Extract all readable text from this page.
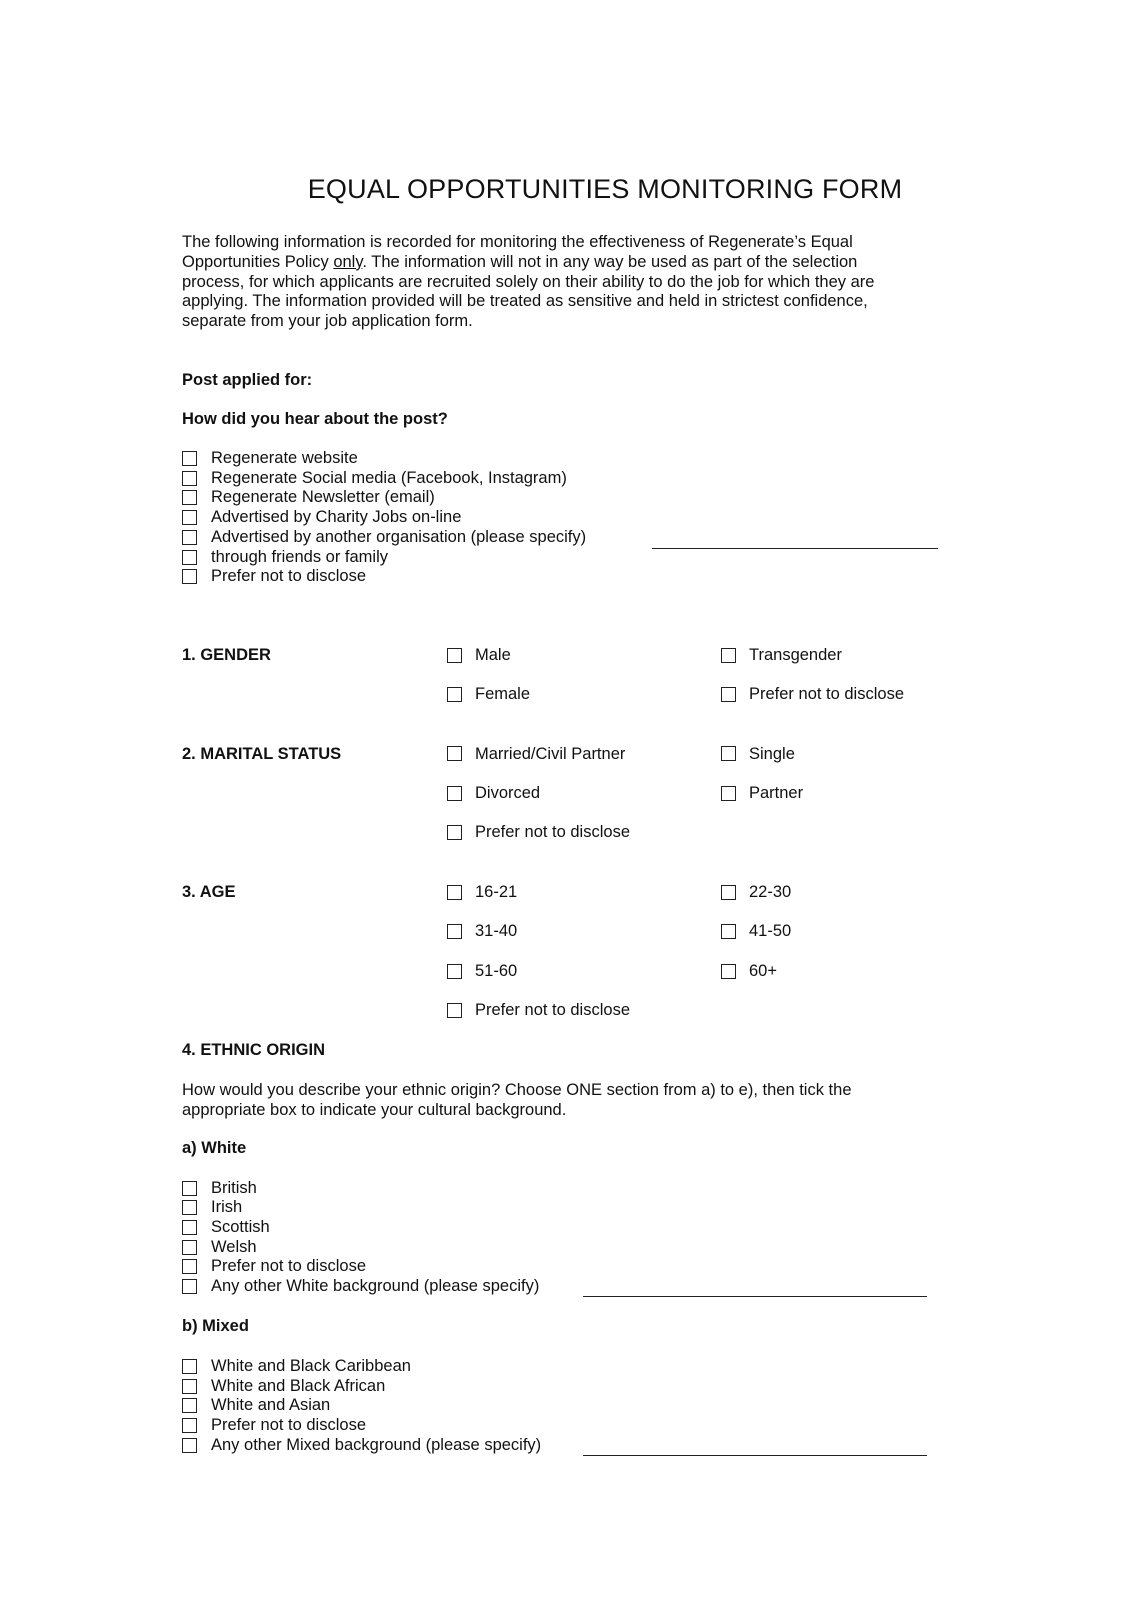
EQUAL OPPORTUNITIES MONITORING FORM
The following information is recorded for monitoring the effectiveness of Regenerate’s Equal Opportunities Policy only. The information will not in any way be used as part of the selection process, for which applicants are recruited solely on their ability to do the job for which they are applying. The information provided will be treated as sensitive and held in strictest confidence, separate from your job application form.
Post applied for:
How did you hear about the post?
Regenerate website
Regenerate Social media (Facebook, Instagram)
Regenerate Newsletter (email)
Advertised by Charity Jobs on-line
Advertised by another organisation (please specify)
through friends or family
Prefer not to disclose
1. GENDER	Male	Transgender
Female	Prefer not to disclose
2. MARITAL STATUS	Married/Civil Partner	Single
Divorced	Partner
Prefer not to disclose
3. AGE	16-21	22-30
31-40	41-50
51-60	60+
Prefer not to disclose
4. ETHNIC ORIGIN
How would you describe your ethnic origin? Choose ONE section from a) to e), then tick the appropriate box to indicate your cultural background.
a) White
British
Irish
Scottish
Welsh
Prefer not to disclose
Any other White background (please specify)
b) Mixed
White and Black Caribbean
White and Black African
White and Asian
Prefer not to disclose
Any other Mixed background (please specify)
